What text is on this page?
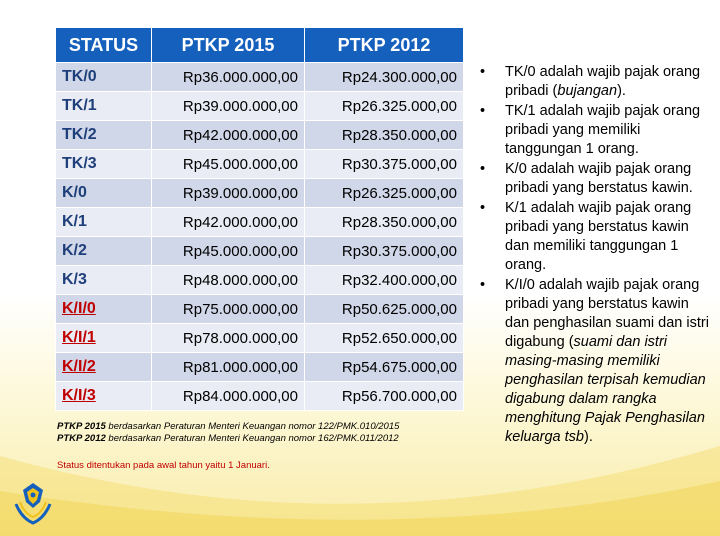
STATUS	PTKP 2015	PTKP 2012
TK/0	Rp36.000.000,00	Rp24.300.000,00
TK/1	Rp39.000.000,00	Rp26.325.000,00
TK/2	Rp42.000.000,00	Rp28.350.000,00
TK/3	Rp45.000.000,00	Rp30.375.000,00
K/0	Rp39.000.000,00	Rp26.325.000,00
K/1	Rp42.000.000,00	Rp28.350.000,00
K/2	Rp45.000.000,00	Rp30.375.000,00
K/3	Rp48.000.000,00	Rp32.400.000,00
K/I/0	Rp75.000.000,00	Rp50.625.000,00
K/I/1	Rp78.000.000,00	Rp52.650.000,00
K/I/2	Rp81.000.000,00	Rp54.675.000,00
K/I/3	Rp84.000.000,00	Rp56.700.000,00
PTKP 2015 berdasarkan Peraturan Menteri Keuangan nomor 122/PMK.010/2015
PTKP 2012 berdasarkan Peraturan Menteri Keuangan nomor 162/PMK.011/2012
Status ditentukan pada awal tahun yaitu 1 Januari.
• TK/0 adalah wajib pajak orang pribadi (bujangan).
• TK/1 adalah wajib pajak orang pribadi yang memiliki tanggungan 1 orang.
• K/0 adalah wajib pajak orang pribadi yang berstatus kawin.
• K/1 adalah wajib pajak orang pribadi yang berstatus kawin dan memiliki tanggungan 1 orang.
• K/I/0 adalah wajib pajak orang pribadi yang berstatus kawin dan penghasilan suami dan istri digabung (suami dan istri masing-masing memiliki penghasilan terpisah kemudian digabung dalam rangka menghitung Pajak Penghasilan keluarga tsb).
